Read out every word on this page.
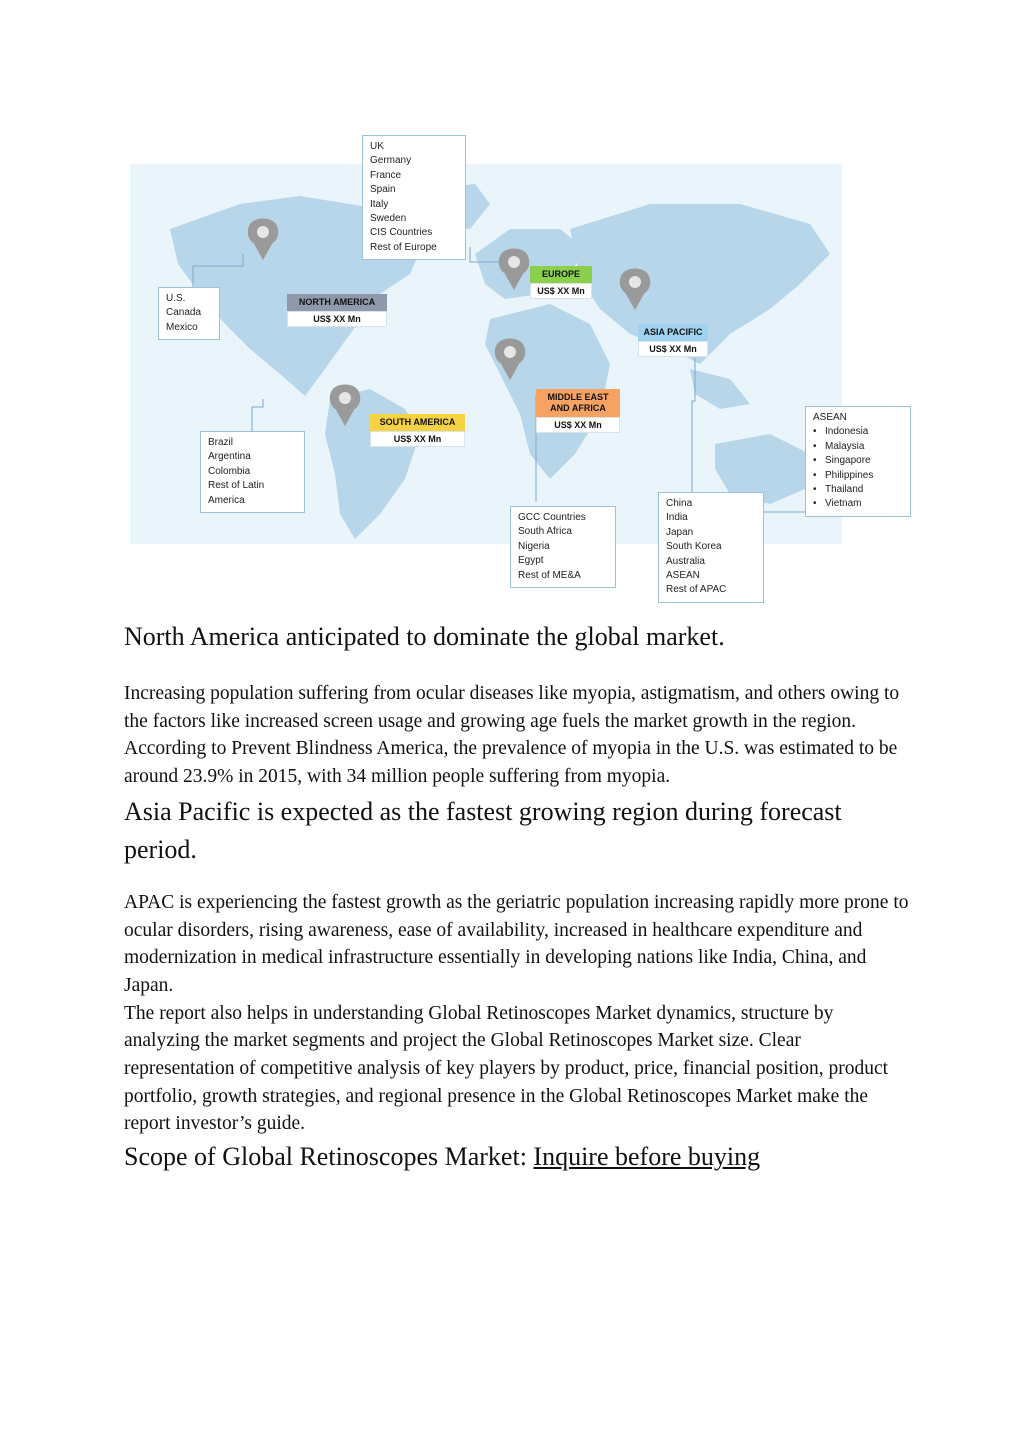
NORTH AMERICA
US$ XX Mn
EUROPE
US$ XX Mn
ASIA PACIFIC
US$ XX Mn
MIDDLE EAST AND AFRICA
US$ XX Mn
SOUTH AMERICA
US$ XX Mn
UK
Germany
France
Spain
Italy
Sweden
CIS Countries
Rest of Europe
U.S.
Canada
Mexico
Brazil
Argentina
Colombia
Rest of Latin
America
GCC Countries
South Africa
Nigeria
Egypt
Rest of ME&A
China
India
Japan
South Korea
Australia
ASEAN
Rest of APAC
ASEAN
• Indonesia
• Malaysia
• Singapore
• Philippines
• Thailand
• Vietnam
North America anticipated to dominate the global market.

Increasing population suffering from ocular diseases like myopia, astigmatism, and others owing to the factors like increased screen usage and growing age fuels the market growth in the region. According to Prevent Blindness America, the prevalence of myopia in the U.S. was estimated to be around 23.9% in 2015, with 34 million people suffering from myopia.

Asia Pacific is expected as the fastest growing region during forecast period.

APAC is experiencing the fastest growth as the geriatric population increasing rapidly more prone to ocular disorders, rising awareness, ease of availability, increased in healthcare expenditure and modernization in medical infrastructure essentially in developing nations like India, China, and Japan.

The report also helps in understanding Global Retinoscopes Market dynamics, structure by analyzing the market segments and project the Global Retinoscopes Market size. Clear representation of competitive analysis of key players by product, price, financial position, product portfolio, growth strategies, and regional presence in the Global Retinoscopes Market make the report investor’s guide.

Scope of Global Retinoscopes Market: Inquire before buying
